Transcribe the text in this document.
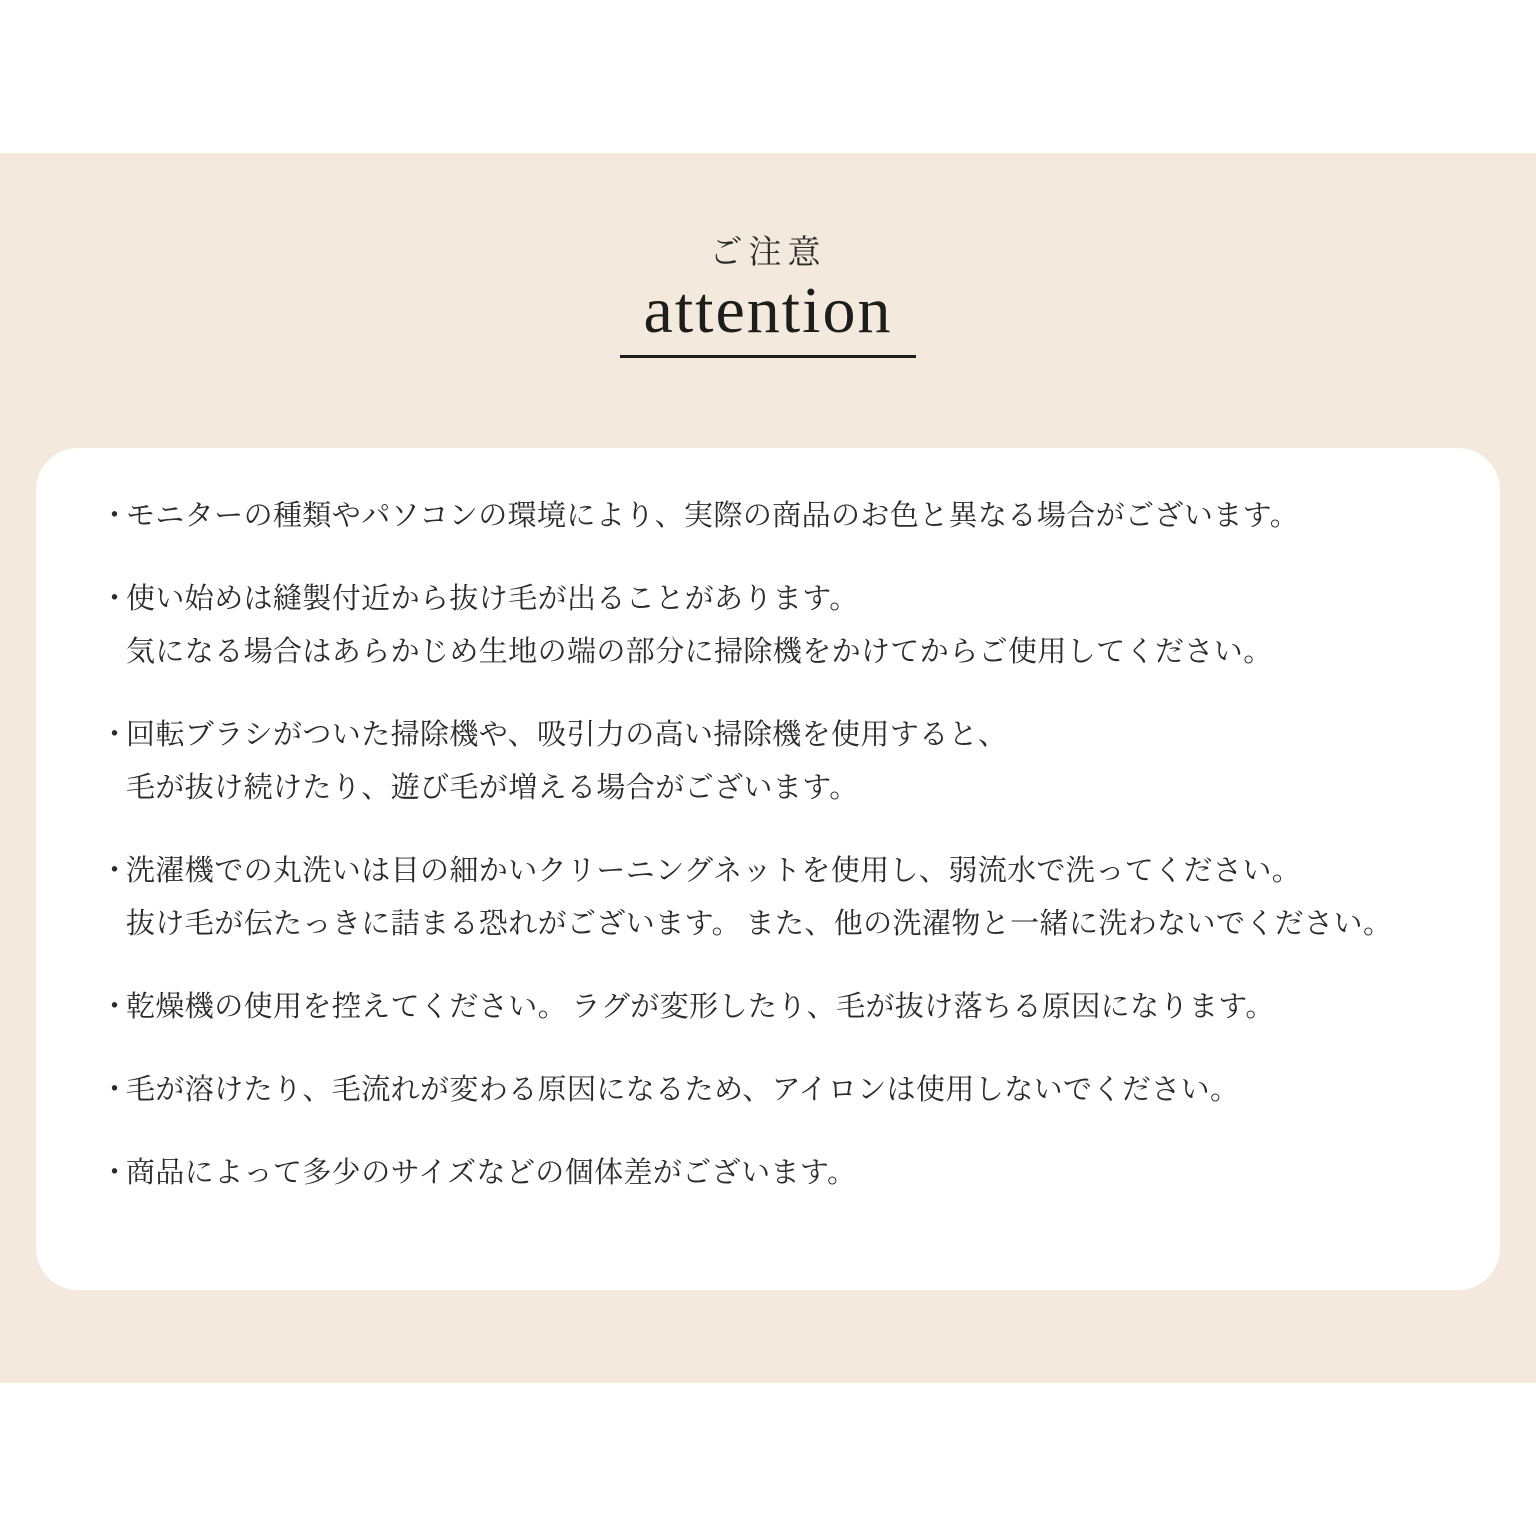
ご注意
attention
・
モニターの種類やパソコンの環境により、実際の商品のお色と異なる場合がございます。
・
使い始めは縫製付近から抜け毛が出ることがあります。 気になる場合はあらかじめ生地の端の部分に掃除機をかけてからご使用してください。
・
回転ブラシがついた掃除機や、吸引力の高い掃除機を使用すると、 毛が抜け続けたり、遊び毛が増える場合がございます。
・
洗濯機での丸洗いは目の細かいクリーニングネットを使用し、弱流水で洗ってください。 抜け毛が伝たっきに詰まる恐れがございます。 また、他の洗濯物と一緒に洗わないでください。
・
乾燥機の使用を控えてください。 ラグが変形したり、毛が抜け落ちる原因になります。
・
毛が溶けたり、毛流れが変わる原因になるため、アイロンは使用しないでください。
・
商品によって多少のサイズなどの個体差がございます。
